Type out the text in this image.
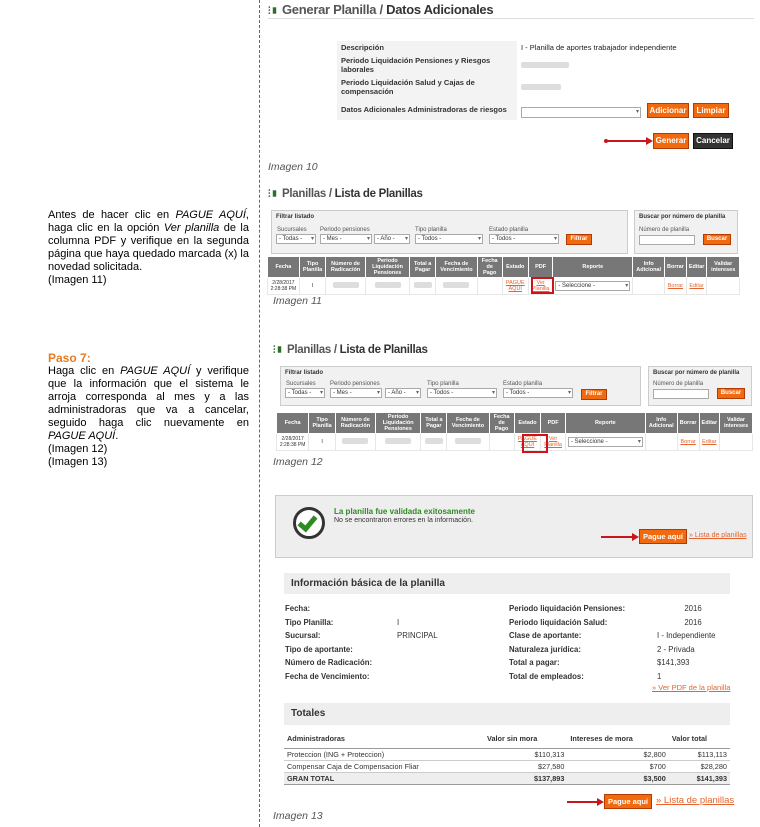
Antes de hacer clic en PAGUE AQUÍ, haga clic en la opción Ver planilla de la columna PDF y verifique en la segunda página que haya quedado marcada (x) la novedad solicitada.
(Imagen 11)
Paso 7:
Haga clic en PAGUE AQUÍ y verifique que la información que el sistema le arroja corresponda al mes y a las administradoras que va a cancelar, seguido haga clic nuevamente en PAGUE AQUÍ.
(Imagen 12)
(Imagen 13)
⫶▮ Generar Planilla / Datos Adicionales
Descripción	I - Planilla de aportes trabajador independiente
Periodo Liquidación Pensiones y Riesgos laborales	
Periodo Liquidación Salud y Cajas de compensación	
Datos Adicionales Administradoras de riesgos	▾	Adicionar	Limpiar
Generar	Cancelar
Imagen 10
⫶▮ Planillas / Lista de Planillas
Filtrar listado
Sucursales Periodo pensiones	Tipo planilla	Estado planilla
- Todas - ▾	- Mes - ▾	- Año - ▾	- Todos - ▾	- Todos - ▾	Filtrar
Buscar por número de planilla
Número de planilla
Buscar
Fecha	Tipo Planilla	Número de Radicación	Periodo Liquidación Pensiones	Total a Pagar	Fecha de Vencimiento	Fecha de Pago	Estado	PDF	Reporte	Info Adicional	Borrar	Editar	Validar intereses
2/28/2017 2:28:38 PM	I						PAGUE AQUÍ	Ver Planilla	- Seleccione - ▾		Borrar	Editar	
Imagen 11
⫶▮ Planillas / Lista de Planillas
Filtrar listado
Sucursales Periodo pensiones	Tipo planilla	Estado planilla
- Todas - ▾	- Mes - ▾	- Año - ▾	- Todos - ▾	- Todos - ▾	Filtrar
Buscar por número de planilla
Número de planilla
Buscar
Fecha	Tipo Planilla	Número de Radicación	Periodo Liquidación Pensiones	Total a Pagar	Fecha de Vencimiento	Fecha de Pago	Estado	PDF	Reporte	Info Adicional	Borrar	Editar	Validar intereses
2/28/2017 2:28:38 PM	I						PAGUE AQUÍ	Ver Planilla	- Seleccione - ▾		Borrar	Editar	
Imagen 12
La planilla fue validada exitosamente
No se encontraron errores en la información.
Pague aquí » Lista de planillas
Información básica de la planilla
Fecha:	
Tipo Planilla:	I
Sucursal:	PRINCIPAL
Tipo de aportante:	
Número de Radicación:	
Fecha de Vencimiento:	
Periodo liquidación Pensiones:	2016
Periodo liquidación Salud:	2016
Clase de aportante:	I - Independiente
Naturaleza jurídica:	2 - Privada
Total a pagar:	$141,393
Total de empleados:	1
» Ver PDF de la planilla
Totales
Administradoras	Valor sin mora	Intereses de mora	Valor total
Proteccion (ING + Proteccion)	$110,313	$2,800	$113,113
Compensar Caja de Compensacion Fliar	$27,580	$700	$28,280
GRAN TOTAL	$137,893	$3,500	$141,393
Pague aquí » Lista de planillas
Imagen 13
